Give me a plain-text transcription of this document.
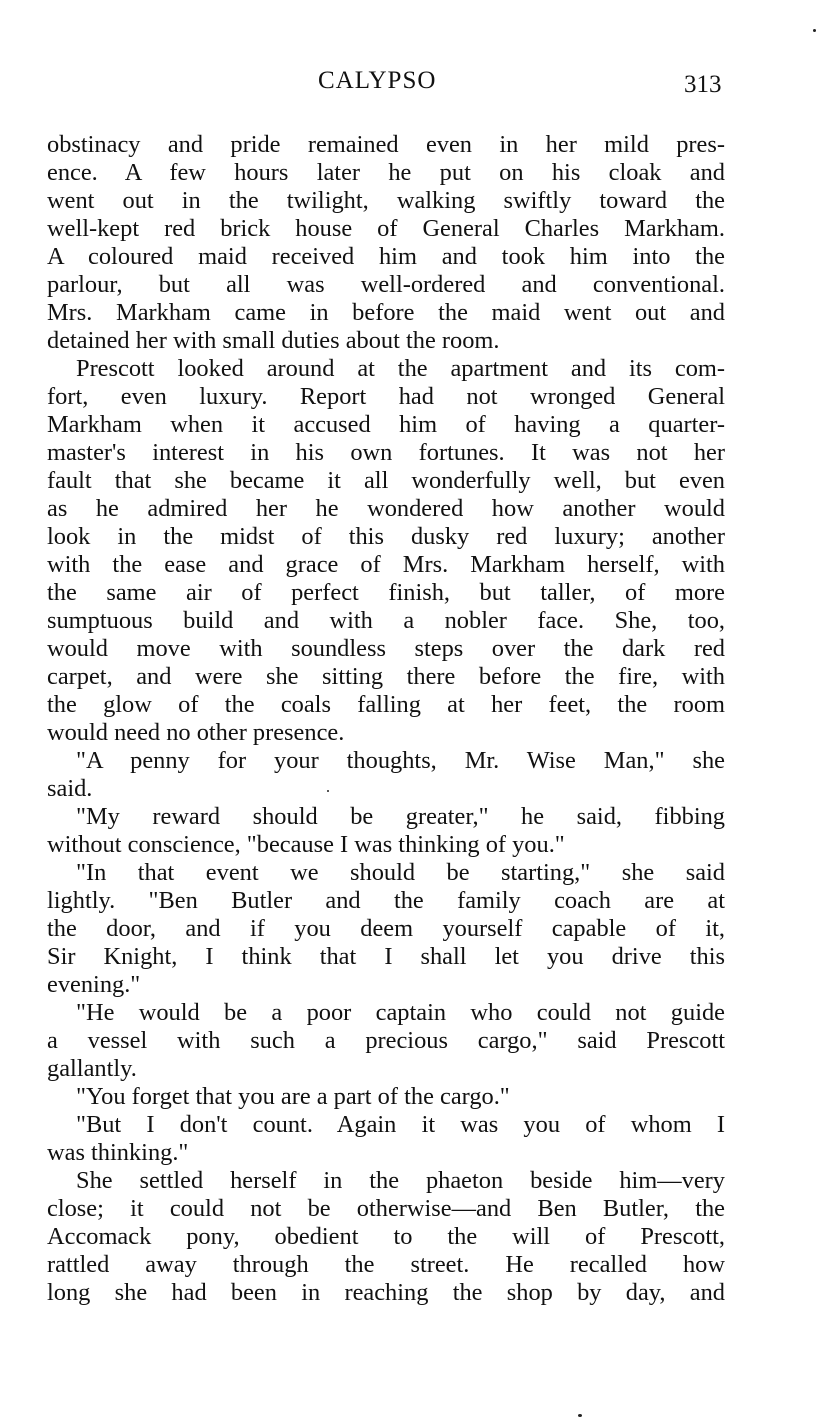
CALYPSO	313
obstinacy and pride remained even in her mild pres-
ence. A few hours later he put on his cloak and
went out in the twilight, walking swiftly toward the
well-kept red brick house of General Charles Markham.
A coloured maid received him and took him into the
parlour, but all was well-ordered and conventional.
Mrs. Markham came in before the maid went out and
detained her with small duties about the room.
Prescott looked around at the apartment and its com-
fort, even luxury. Report had not wronged General
Markham when it accused him of having a quarter-
master's interest in his own fortunes. It was not her
fault that she became it all wonderfully well, but even
as he admired her he wondered how another would
look in the midst of this dusky red luxury; another
with the ease and grace of Mrs. Markham herself, with
the same air of perfect finish, but taller, of more
sumptuous build and with a nobler face. She, too,
would move with soundless steps over the dark red
carpet, and were she sitting there before the fire, with
the glow of the coals falling at her feet, the room
would need no other presence.
"A penny for your thoughts, Mr. Wise Man," she
said.
"My reward should be greater," he said, fibbing
without conscience, "because I was thinking of you."
"In that event we should be starting," she said
lightly. "Ben Butler and the family coach are at
the door, and if you deem yourself capable of it,
Sir Knight, I think that I shall let you drive this
evening."
"He would be a poor captain who could not guide
a vessel with such a precious cargo," said Prescott
gallantly.
"You forget that you are a part of the cargo."
"But I don't count. Again it was you of whom I
was thinking."
She settled herself in the phaeton beside him—very
close; it could not be otherwise—and Ben Butler, the
Accomack pony, obedient to the will of Prescott,
rattled away through the street. He recalled how
long she had been in reaching the shop by day, and
